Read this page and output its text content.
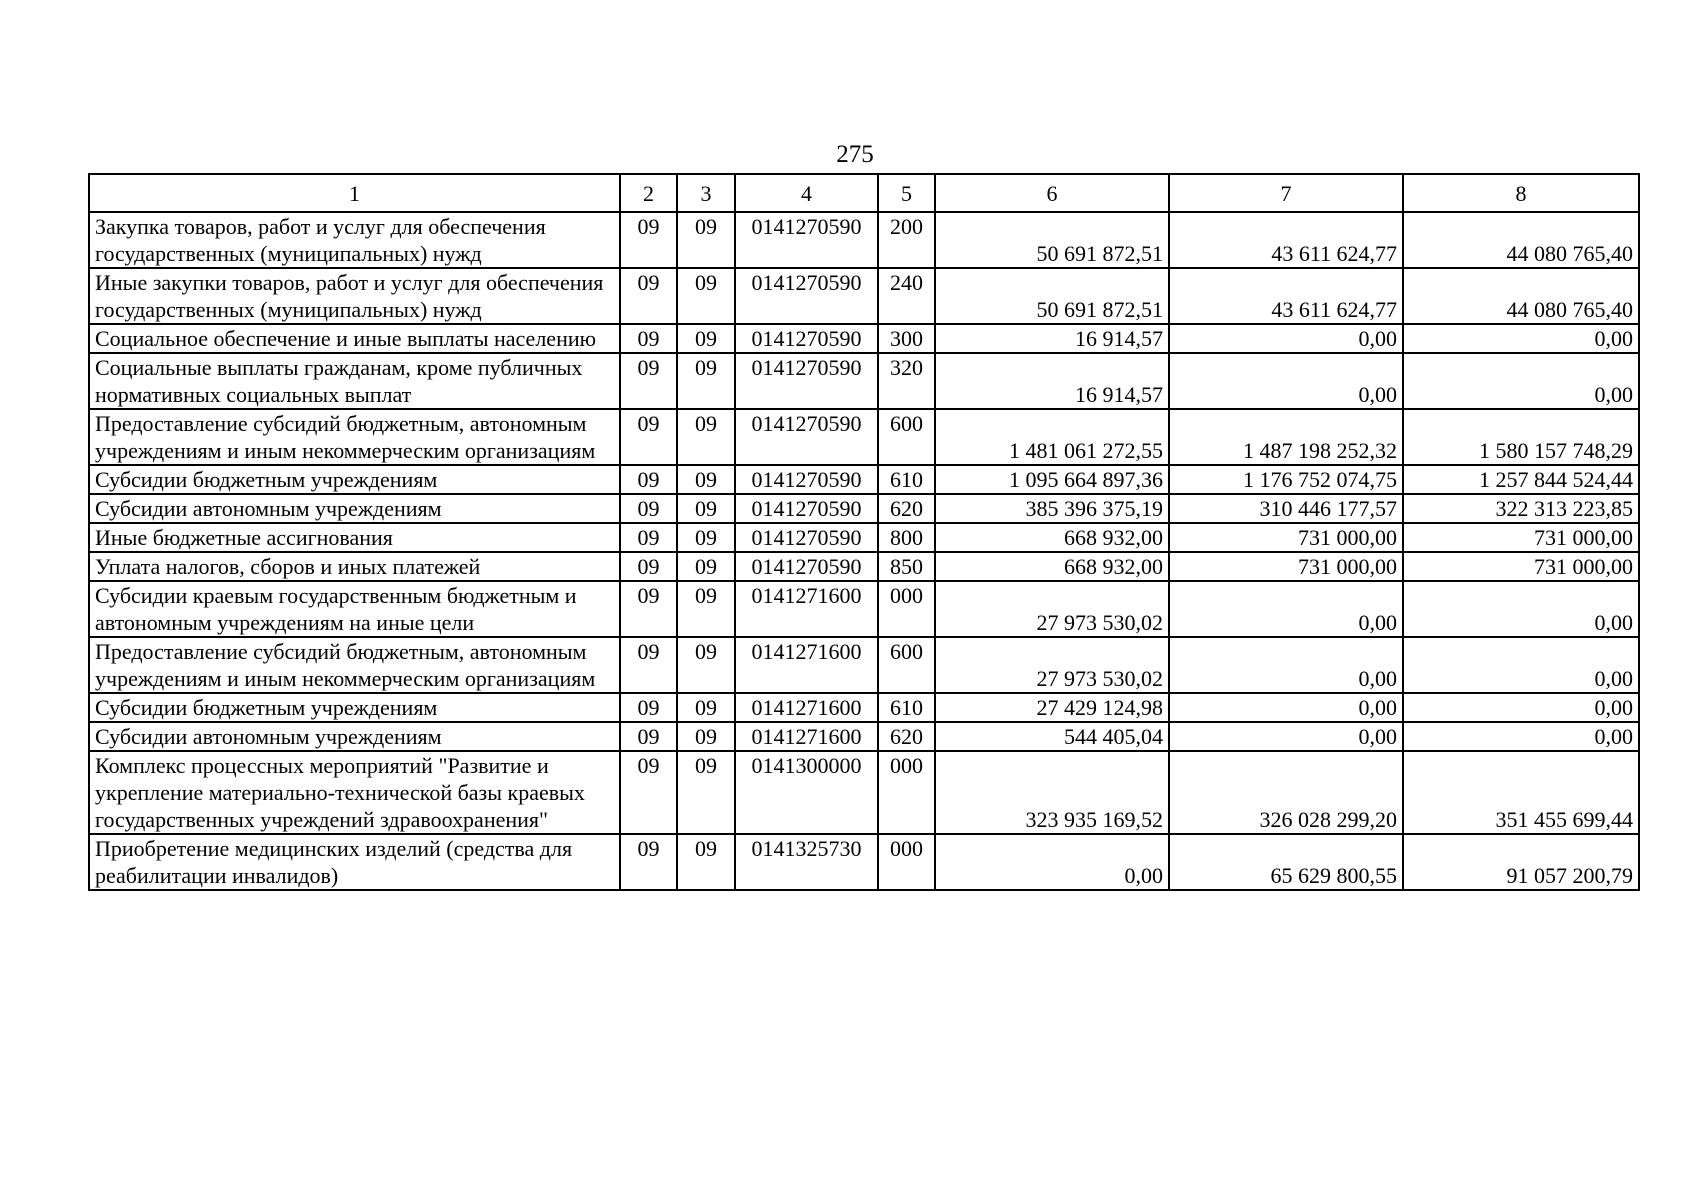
275
1	2	3	4	5	6	7	8
Закупка товаров, работ и услуг для обеспечения государственных (муниципальных) нужд	09	09	0141270590	200	50 691 872,51	43 611 624,77	44 080 765,40
Иные закупки товаров, работ и услуг для обеспечения государственных (муниципальных) нужд	09	09	0141270590	240	50 691 872,51	43 611 624,77	44 080 765,40
Социальное обеспечение и иные выплаты населению	09	09	0141270590	300	16 914,57	0,00	0,00
Социальные выплаты гражданам, кроме публичных нормативных социальных выплат	09	09	0141270590	320	16 914,57	0,00	0,00
Предоставление субсидий бюджетным, автономным учреждениям и иным некоммерческим организациям	09	09	0141270590	600	1 481 061 272,55	1 487 198 252,32	1 580 157 748,29
Субсидии бюджетным учреждениям	09	09	0141270590	610	1 095 664 897,36	1 176 752 074,75	1 257 844 524,44
Субсидии автономным учреждениям	09	09	0141270590	620	385 396 375,19	310 446 177,57	322 313 223,85
Иные бюджетные ассигнования	09	09	0141270590	800	668 932,00	731 000,00	731 000,00
Уплата налогов, сборов и иных платежей	09	09	0141270590	850	668 932,00	731 000,00	731 000,00
Субсидии краевым государственным бюджетным и автономным учреждениям на иные цели	09	09	0141271600	000	27 973 530,02	0,00	0,00
Предоставление субсидий бюджетным, автономным учреждениям и иным некоммерческим организациям	09	09	0141271600	600	27 973 530,02	0,00	0,00
Субсидии бюджетным учреждениям	09	09	0141271600	610	27 429 124,98	0,00	0,00
Субсидии автономным учреждениям	09	09	0141271600	620	544 405,04	0,00	0,00
Комплекс процессных мероприятий "Развитие и укрепление материально-технической базы краевых государственных учреждений здравоохранения"	09	09	0141300000	000	323 935 169,52	326 028 299,20	351 455 699,44
Приобретение медицинских изделий (средства для реабилитации инвалидов)	09	09	0141325730	000	0,00	65 629 800,55	91 057 200,79
